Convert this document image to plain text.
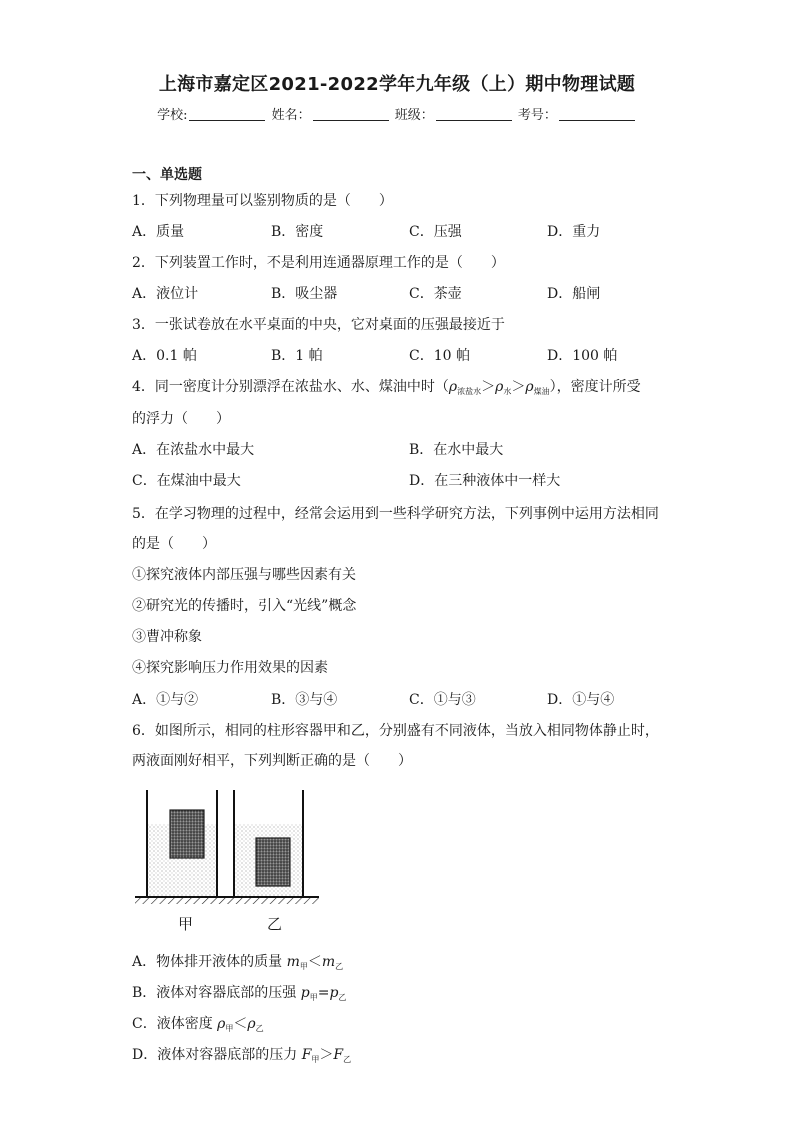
上海市嘉定区2021-2022学年九年级（上）期中物理试题
学校:	姓名：	班级：	考号：
一、单选题
1．下列物理量可以鉴别物质的是（　　）
A．质量	B．密度	C．压强	D．重力
2．下列装置工作时，不是利用连通器原理工作的是（　　）
A．液位计	B．吸尘器	C．茶壶	D．船闸
3．一张试卷放在水平桌面的中央，它对桌面的压强最接近于
A．0.1 帕	B．1 帕	C．10 帕	D．100 帕
4．同一密度计分别漂浮在浓盐水、水、煤油中时$(\rho_{浓盐水}>\rho_水>\rho_{煤油})$，密度计所受
的浮力（　　）
A．在浓盐水中最大	B．在水中最大
C．在煤油中最大	D．在三种液体中一样大
5．在学习物理的过程中，经常会运用到一些科学研究方法，下列事例中运用方法相同
的是（　　）
①探究液体内部压强与哪些因素有关
②研究光的传播时，引入“光线”概念
③曹冲称象
④探究影响压力作用效果的因素
A．①与②	B．③与④	C．①与③	D．①与④
6．如图所示，相同的柱形容器甲和乙，分别盛有不同液体，当放入相同物体静止时，
两液面刚好相平，下列判断正确的是（　　）
甲	乙
A．物体排开液体的质量 $m_甲<m_乙$
B．液体对容器底部的压强 $p_甲=p_乙$
C．液体密度 $\rho_甲<\rho_乙$
D．液体对容器底部的压力 $F_甲>F_乙$
